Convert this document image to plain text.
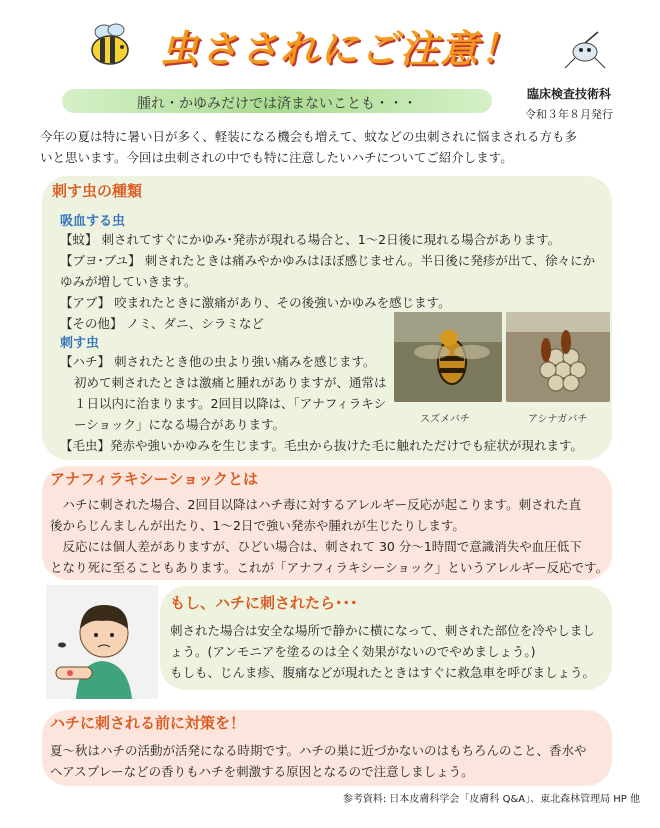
虫さされにご注意！
腫れ・かゆみだけでは済まないことも・・・
臨床検査技術科
令和３年８月発行
今年の夏は特に暑い日が多く、軽装になる機会も増えて、蚊などの虫刺されに悩まされる方も多
いと思います。今回は虫刺されの中でも特に注意したいハチについてご紹介します。
刺す虫の種類
吸血する虫
【蚊】 刺されてすぐにかゆみ･発赤が現れる場合と、1～2日後に現れる場合があります。
【ブヨ･ブユ】 刺されたときは痛みやかゆみはほぼ感じません。半日後に発疹が出て、徐々にか
ゆみが増していきます。
【アブ】 咬まれたときに激痛があり、その後強いかゆみを感じます。
【その他】 ノミ、ダニ、シラミなど
刺す虫
【ハチ】 刺されたとき他の虫より強い痛みを感じます。
初めて刺されたときは激痛と腫れがありますが、通常は
１日以内に治まります。2回目以降は、「アナフィラキシ
ーショック」になる場合があります。
【毛虫】発赤や強いかゆみを生じます。毛虫から抜けた毛に触れただけでも症状が現れます。
スズメバチ	アシナガバチ
アナフィラキシーショックとは
　ハチに刺された場合、2回目以降はハチ毒に対するアレルギー反応が起こります。刺された直
後からじんましんが出たり、1～2日で強い発赤や腫れが生じたりします。
　反応には個人差がありますが、ひどい場合は、刺されて 30 分～1時間で意識消失や血圧低下
となり死に至ることもあります。これが「アナフィラキシーショック」というアレルギー反応です。
もし、ハチに刺されたら･･･
刺された場合は安全な場所で静かに横になって、刺された部位を冷やしまし
ょう。(アンモニアを塗るのは全く効果がないのでやめましょう。)
もしも、じんま疹、腹痛などが現れたときはすぐに救急車を呼びましょう。
ハチに刺される前に対策を！
夏～秋はハチの活動が活発になる時期です。ハチの巣に近づかないのはもちろんのこと、香水や
ヘアスプレーなどの香りもハチを刺激する原因となるので注意しましょう。
参考資料: 日本皮膚科学会「皮膚科 Q&A」、東北森林管理局 HP 他
